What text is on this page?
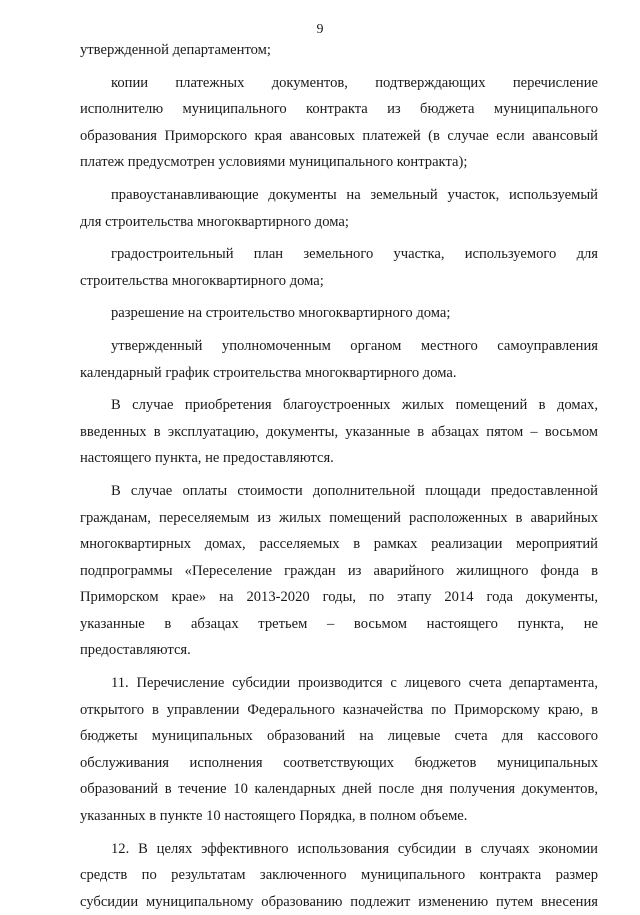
9

утвержденной департаментом;

копии платежных документов, подтверждающих перечисление
исполнителю муниципального контракта из бюджета муниципального
образования Приморского края авансовых платежей (в случае если авансовый
платеж предусмотрен условиями муниципального контракта);

правоустанавливающие документы на земельный участок, используемый
для строительства многоквартирного дома;

градостроительный план земельного участка, используемого для
строительства многоквартирного дома;

разрешение на строительство многоквартирного дома;

утвержденный уполномоченным органом местного самоуправления
календарный график строительства многоквартирного дома.

В случае приобретения благоустроенных жилых помещений в домах,
введенных в эксплуатацию, документы, указанные в абзацах пятом – восьмом
настоящего пункта, не предоставляются.

В случае оплаты стоимости дополнительной площади предоставленной
гражданам, переселяемым из жилых помещений расположенных в аварийных
многоквартирных домах, расселяемых в рамках реализации мероприятий
подпрограммы «Переселение граждан из аварийного жилищного фонда в
Приморском крае» на 2013-2020 годы, по этапу 2014 года документы,
указанные в абзацах третьем – восьмом настоящего пункта, не
предоставляются.

11. Перечисление субсидии производится с лицевого счета департамента,
открытого в управлении Федерального казначейства по Приморскому краю, в
бюджеты муниципальных образований на лицевые счета для кассового
обслуживания исполнения соответствующих бюджетов муниципальных
образований в течение 10 календарных дней после дня получения документов,
указанных в пункте 10 настоящего Порядка, в полном объеме.

12. В целях эффективного использования субсидии в случаях экономии
средств по результатам заключенного муниципального контракта размер
субсидии муниципальному образованию подлежит изменению путем внесения
